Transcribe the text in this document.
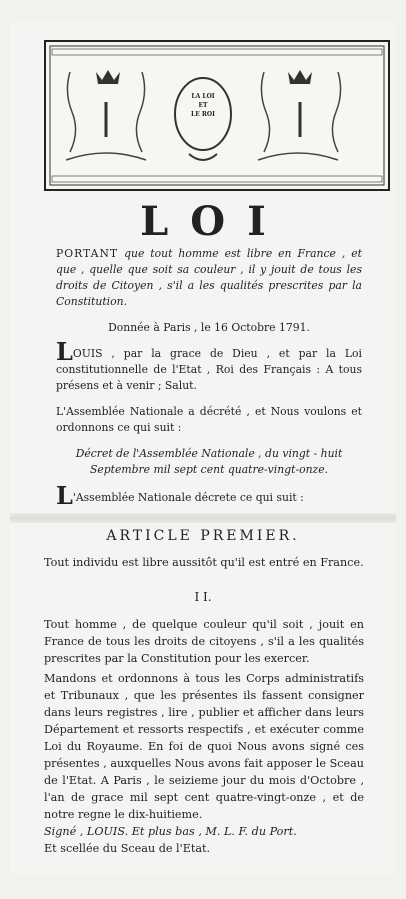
LA LOI
ET
LE ROI
LOI
PORTANT que tout homme est libre en France , et que , quelle que soit sa couleur , il y jouit de tous les droits de Citoyen , s'il a les qualités prescrites par la Constitution.
Donnée à Paris , le 16 Octobre 1791.
LOUIS , par la grace de Dieu , et par la Loi constitutionnelle de l'Etat , Roi des Français : A tous présens et à venir ; Salut.
L'Assemblée Nationale a décrété , et Nous voulons et ordonnons ce qui suit :
Décret de l'Assemblée Nationale , du vingt - huit Septembre mil sept cent quatre-vingt-onze.
L'Assemblée Nationale décrete ce qui suit :
ARTICLE PREMIER.
Tout individu est libre aussitôt qu'il est entré en France.
I I.
Tout homme , de quelque couleur qu'il soit , jouit en France de tous les droits de citoyens , s'il a les qualités prescrites par la Constitution pour les exercer.
Mandons et ordonnons à tous les Corps administratifs et Tribunaux , que les présentes ils fassent consigner dans leurs registres , lire , publier et afficher dans leurs Département et ressorts respectifs , et exécuter comme Loi du Royaume. En foi de quoi Nous avons signé ces présentes , auxquelles Nous avons fait apposer le Sceau de l'Etat. A Paris , le seizieme jour du mois d'Octobre , l'an de grace mil sept cent quatre-vingt-onze , et de notre regne le dix-huitieme.
Signé , LOUIS. Et plus bas , M. L. F. du Port.
Et scellée du Sceau de l'Etat.
